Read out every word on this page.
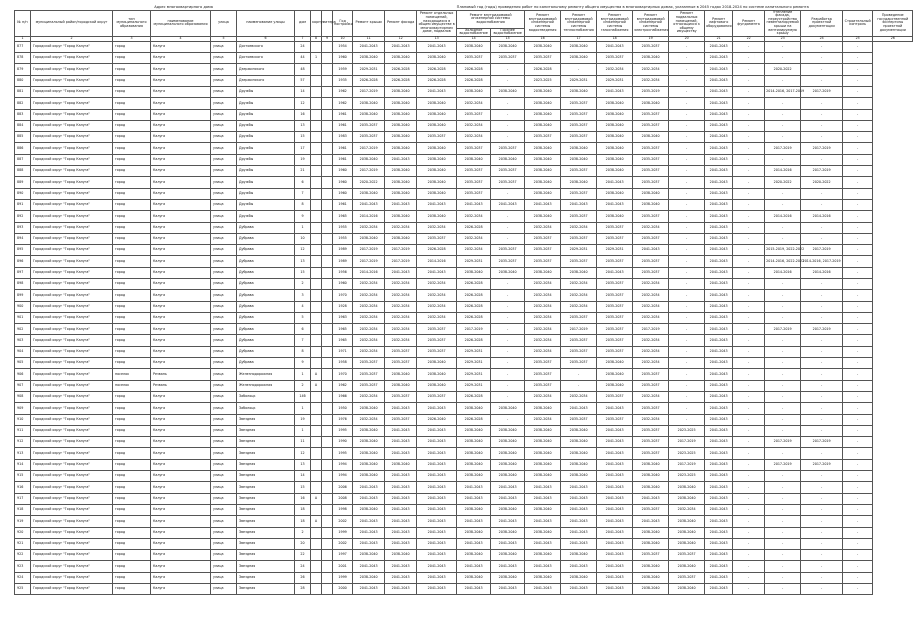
Адрес многоквартирного дома										Плановый год (годы) проведения работ по капитальному ремонту общего имущества в многоквартирных домах, указанные в 2045 годах 2018-2024 по системе капитального ремонта															
№ п/п	муниципальный район/городской округ	тип муниципального образования	наименование муниципального образования	улица	наименование улицы	дом	корпус	литера	Год постройки	Ремонт крыши	Ремонт фасада	Ремонт отдельных помещений, находящихся в общем имуществе в многоквартирном доме, подвалов	Ремонт внутридомовой инженерной системы водоснабжения		Ремонт внутридомовой инженерной системы водоотведения	Ремонт внутридомовой инженерной системы теплоснабжения	Ремонт внутридомовой инженерной системы газоснабжения	Ремонт внутридомовой инженерной системы электроснабжения	Ремонт подвальных помещений, относящихся к общему имуществу	Ремонт лифтового оборудования	Ремонт фундамента	Утепление фасада, переустройство невентилируемой крыши на вентилируемую крышу	Разработка проектной документации	Строительный контроль	Проведение государственной экспертизы проектной документации
													Холодное водоснабжение	Горячее водоснабжение											
1	2	3	4	5	6	7	8	9	10	11	12	13	14	15	16	17	18	19	20	21	22	23	24	25	26
877	Городской округ "Город Калуга"	город	Калуга	улица	Достоевского	24			1954	2041-2043	2041-2043	2041-2043	2038-2040	2038-2040	2038-2040	2038-2040	2041-2043	2035-2037	-	2041-2043	-	-	-	-	
878	Городской округ "Город Калуга"	город	Калуга	улица	Достоевского	44	1		1960	2038-2040	2038-2040	2038-2040	2035-2037	2035-2037	2035-2037	2038-2040	2035-2037	2038-2040	-	2041-2043	-	-	-	-	
879	Городской округ "Город Калуга"	город	Калуга	улица	Дзержинского	48			1959	2029-2031	2026-2028	2026-2028	2026-2028	-	2026-2028	-	2032-2034	2032-2034	-	2041-2043	-	2020-2022	-	-	
880	Городской округ "Город Калуга"	город	Калуга	улица	Дзержинского	57			1935	2026-2028	2026-2028	2026-2028	2026-2028	-	2023-2025	2029-2031	2029-2031	2032-2034	-	2041-2043	-	-	-	-	
881	Городской округ "Город Калуга"	город	Калуга	улица	Дружбы	14			1962	2017-2019	2038-2040	2041-2043	2038-2040	2038-2040	2038-2040	2038-2040	2041-2043	2035-2019	-	2041-2043	-	2014-2016, 2017-2019	2017-2019	-	
882	Городской округ "Город Калуга"	город	Калуга	улица	Дружбы	12			1962	2038-2040	2038-2040	2038-2040	2032-2034	-	2038-2040	2035-2037	2038-2040	2038-2040	-	2041-2043	-	-	-	-	
883	Городской округ "Город Калуга"	город	Калуга	улица	Дружбы	16			1961	2038-2040	2038-2040	2038-2040	2035-2037	-	2038-2040	2035-2037	2038-2040	2035-2037	-	2041-2043	-	-	-	-	
884	Городской округ "Город Калуга"	город	Калуга	улица	Дружбы	13			1961	2035-2037	2038-2040	2038-2040	2032-2034	-	2038-2040	2035-2037	2038-2040	2035-2037	-	2041-2043	-	-	-	-	
885	Городской округ "Город Калуга"	город	Калуга	улица	Дружбы	15			1983	2035-2037	2038-2040	2035-2037	2032-2034	-	2035-2037	2035-2037	2038-2040	2038-2040	-	2041-2043	-	-	-	-	
886	Городской округ "Город Калуга"	город	Калуга	улица	Дружбы	17			1961	2017-2019	2038-2040	2038-2040	2035-2037	2035-2037	2038-2040	2038-2040	2038-2040	2035-2037	-	2041-2043	-	2017-2019	2017-2019	-	
887	Городской округ "Город Калуга"	город	Калуга	улица	Дружбы	19			1961	2038-2040	2041-2043	2038-2040	2038-2040	2038-2040	2038-2040	2038-2040	2038-2040	2035-2037	-	2041-2043	-	-	-	-	
888	Городской округ "Город Калуга"	город	Калуга	улица	Дружбы	21			1960	2017-2019	2038-2040	2038-2040	2035-2037	2035-2037	2038-2040	2035-2037	2038-2040	2035-2037	-	2041-2043	-	2014-2016	2017-2019	-	
889	Городской округ "Город Калуга"	город	Калуга	улица	Дружбы	6			1960	2020-2022	2038-2040	2038-2040	2035-2037	2035-2037	2038-2040	2038-2040	2041-2043	2035-2037	-	2041-2043	-	2020-2022	2020-2022	-	
890	Городской округ "Город Калуга"	город	Калуга	улица	Дружбы	7			1960	2038-2040	2038-2040	2038-2040	2035-2037	-	2038-2040	2035-2037	2038-2040	2038-2040	-	2041-2043	-	-	-	-	
891	Городской округ "Город Калуга"	город	Калуга	улица	Дружбы	8			1961	2041-2043	2041-2043	2041-2043	2041-2043	2041-2043	2041-2043	2041-2043	2041-2043	2038-2040	-	2041-2043	-	-	-	-	
892	Городской округ "Город Калуга"	город	Калуга	улица	Дружбы	9			1965	2014-2016	2038-2040	2038-2040	2032-2034	-	2038-2040	2035-2037	2038-2040	2035-2037	-	2041-2043	-	2014-2016	2014-2016	-	
893	Городской округ "Город Калуга"	город	Калуга	улица	Дубрава	1			1955	2032-2034	2032-2034	2032-2034	2026-2028	-	2032-2034	2032-2034	2035-2037	2032-2034	-	2041-2043	-	-	-	-	
894	Городской округ "Город Калуга"	город	Калуга	улица	Дубрава	10			1955	2038-2040	2038-2040	2035-2037	2032-2034	-	2035-2037	2035-2037	2035-2037	2035-2037	-	2041-2043	-	-	-	-	
895	Городской округ "Город Калуга"	город	Калуга	улица	Дубрава	12			1989	2017-2019	2017-2019	2026-2028	2032-2034	2035-2037	2035-2037	2029-2031	2029-2031	2041-2043	-	2041-2043	-	2015-2019, 2022-2022	2017-2019	-	
896	Городской округ "Город Калуга"	город	Калуга	улица	Дубрава	13			1989	2017-2019	2017-2019	2014-2016	2029-2031	2035-2037	2035-2037	2035-2037	2035-2037	2035-2037	-	2041-2043	-	2014-2016, 2022-2022	2014-2016, 2017-2019	-	
897	Городской округ "Город Калуга"	город	Калуга	улица	Дубрава	15			1956	2014-2016	2041-2043	2041-2043	2038-2040	2038-2040	2038-2040	2038-2040	2041-2043	2035-2037	-	2041-2043	-	2014-2016	2014-2016	-	
898	Городской округ "Город Калуга"	город	Калуга	улица	Дубрава	2			1960	2032-2034	2032-2034	2032-2034	2026-2028	-	2032-2034	2032-2034	2035-2037	2032-2034	-	2041-2043	-	-	-	-	
899	Городской округ "Город Калуга"	город	Калуга	улица	Дубрава	3			1970	2032-2034	2032-2034	2032-2034	2026-2028	-	2032-2034	2032-2034	2035-2037	2032-2034	-	2041-2043	-	-	-	-	
900	Городской округ "Город Калуга"	город	Калуга	улица	Дубрава	4			1928	2032-2034	2032-2034	2032-2034	2026-2028	-	2032-2034	2032-2034	2035-2037	2032-2034	-	2041-2043	-	-	-	-	
901	Городской округ "Город Калуга"	город	Калуга	улица	Дубрава	5			1963	2032-2034	2032-2034	2032-2034	2026-2028	-	2032-2034	2035-2037	2035-2037	2032-2034	-	2041-2043	-	-	-	-	
902	Городской округ "Город Калуга"	город	Калуга	улица	Дубрава	6			1965	2032-2034	2032-2034	2035-2037	2017-2019	-	2032-2034	2017-2019	2035-2037	2017-2019	-	2041-2043	-	2017-2019	2017-2019	-	
903	Городской округ "Город Калуга"	город	Калуга	улица	Дубрава	7			1965	2032-2034	2032-2034	2035-2037	2026-2028	-	2032-2034	2035-2037	2035-2037	2032-2034	-	2041-2043	-	-	-	-	
904	Городской округ "Город Калуга"	город	Калуга	улица	Дубрава	8			1971	2032-2034	2035-2037	2035-2037	2029-2031	-	2032-2034	2035-2037	2035-2037	2032-2034	-	2041-2043	-	-	-	-	
905	Городской округ "Город Калуга"	город	Калуга	улица	Дубрава	9			1958	2035-2037	2035-2037	2038-2040	2029-2031	-	2035-2037	2035-2037	2038-2040	2032-2034	-	2041-2043	-	-	-	-	
906	Городской округ "Город Калуга"	поселок	Резвань	улица	Железнодорожная	1	А		1970	2035-2037	2038-2040	2038-2040	2029-2031	-	2035-2037	-	2038-2040	2035-2037	-	2041-2043	-	-	-	-	
907	Городской округ "Город Калуга"	поселок	Резвань	улица	Железнодорожная	2	А		1962	2035-2037	2038-2040	2038-2040	2029-2031	-	2035-2037	-	2038-2040	2035-2037	-	2041-2043	-	-	-	-	
908	Городской округ "Город Калуга"	город	Калуга	улица	Заболоцк	14б			1966	2032-2034	2035-2037	2035-2037	2026-2028	-	2032-2034	2032-2034	2035-2037	2032-2034	-	2041-2043	-	-	-	-	
909	Городской округ "Город Калуга"	город	Калуга	улица	Заболоцк	1			1950	2038-2040	2041-2043	2041-2043	2038-2040	2038-2040	2038-2040	2041-2043	2041-2043	2035-2037	-	2041-2043	-	-	-	-	
910	Городской округ "Город Калуга"	город	Калуга	улица	Звездная	19			1976	2032-2034	2035-2037	2026-2040	2026-2028	-	2032-2034	2035-2037	2035-2037	2032-2034	-	2041-2043	-	-	-	-	
911	Городской округ "Город Калуга"	город	Калуга	улица	Звездная	1			1995	2038-2040	2041-2043	2041-2043	2038-2040	2038-2040	2038-2040	2038-2040	2041-2043	2035-2037	2023-2025	2041-2043	-	-	-	-	
912	Городской округ "Город Калуга"	город	Калуга	улица	Звездная	11			1990	2038-2040	2041-2043	2041-2043	2038-2040	2038-2040	2038-2040	2038-2040	2041-2043	2035-2037	2017-2019	2041-2043	-	2017-2019	2017-2019	-	
913	Городской округ "Город Калуга"	город	Калуга	улица	Звездная	12			1995	2038-2040	2041-2043	2041-2043	2038-2040	2038-2040	2038-2040	2038-2040	2041-2043	2035-2037	2023-2025	2041-2043	-	-	-	-	
914	Городской округ "Город Калуга"	город	Калуга	улица	Звездная	13			1994	2038-2040	2038-2040	2041-2043	2038-2040	2038-2040	2038-2040	2038-2040	2041-2043	2038-2040	2017-2019	2041-2043	-	2017-2019	2017-2019	-	
915	Городской округ "Город Калуга"	город	Калуга	улица	Звездная	14			1994	2038-2040	2041-2043	2041-2043	2038-2040	2038-2040	2038-2040	2038-2040	2041-2043	2038-2040	2023-2025	2041-2043	-	-	-	-	
916	Городской округ "Город Калуга"	город	Калуга	улица	Звездная	15			2006	2041-2043	2041-2043	2041-2043	2041-2043	2041-2043	2041-2043	2041-2043	2041-2043	2038-2040	2038-2040	2041-2043	-	-	-	-	
917	Городской округ "Город Калуга"	город	Калуга	улица	Звездная	16	А		2008	2041-2043	2041-2043	2041-2043	2041-2043	2041-2043	2041-2043	2041-2043	2041-2043	2041-2043	2038-2040	2041-2043	-	-	-	-	
918	Городской округ "Город Калуга"	город	Калуга	улица	Звездная	18			1998	2038-2040	2041-2043	2041-2043	2038-2040	2038-2040	2038-2040	2041-2043	2041-2043	2035-2037	2032-2034	2041-2043	-	-	-	-	
919	Городской округ "Город Калуга"	город	Калуга	улица	Звездная	18	А		2002	2041-2043	2041-2043	2041-2043	2041-2043	2041-2043	2041-2043	2041-2043	2041-2043	2041-2043	2038-2040	2041-2043	-	-	-	-	
920	Городской округ "Город Калуга"	город	Калуга	улица	Звездная	2			1999	2041-2043	2041-2043	2041-2043	2038-2040	2038-2040	2038-2040	2041-2043	2041-2043	2038-2040	2038-2040	2041-2043	-	-	-	-	
921	Городской округ "Город Калуга"	город	Калуга	улица	Звездная	20			2002	2041-2043	2041-2043	2041-2043	2041-2043	2041-2043	2041-2043	2041-2043	2041-2043	2038-2040	2038-2040	2041-2043	-	-	-	-	
922	Городской округ "Город Калуга"	город	Калуга	улица	Звездная	22			1997	2038-2040	2038-2040	2041-2043	2038-2040	2038-2040	2038-2040	2038-2040	2041-2043	2035-2037	2035-2037	2041-2043	-	-	-	-	
923	Городской округ "Город Калуга"	город	Калуга	улица	Звездная	24			2001	2041-2043	2041-2043	2041-2043	2041-2043	2041-2043	2041-2043	2041-2043	2041-2043	2038-2040	2038-2040	2041-2043	-	-	-	-	
924	Городской округ "Город Калуга"	город	Калуга	улица	Звездная	26			1999	2038-2040	2041-2043	2041-2043	2038-2040	2038-2040	2038-2040	2038-2040	2041-2043	2038-2040	2035-2037	2041-2043	-	-	-	-	
925	Городской округ "Город Калуга"	город	Калуга	улица	Звездная	28			2000	2041-2043	2041-2043	2041-2043	2041-2043	2041-2043	2041-2043	2041-2043	2041-2043	2038-2040	2038-2040	2041-2043	-	-	-	-	
